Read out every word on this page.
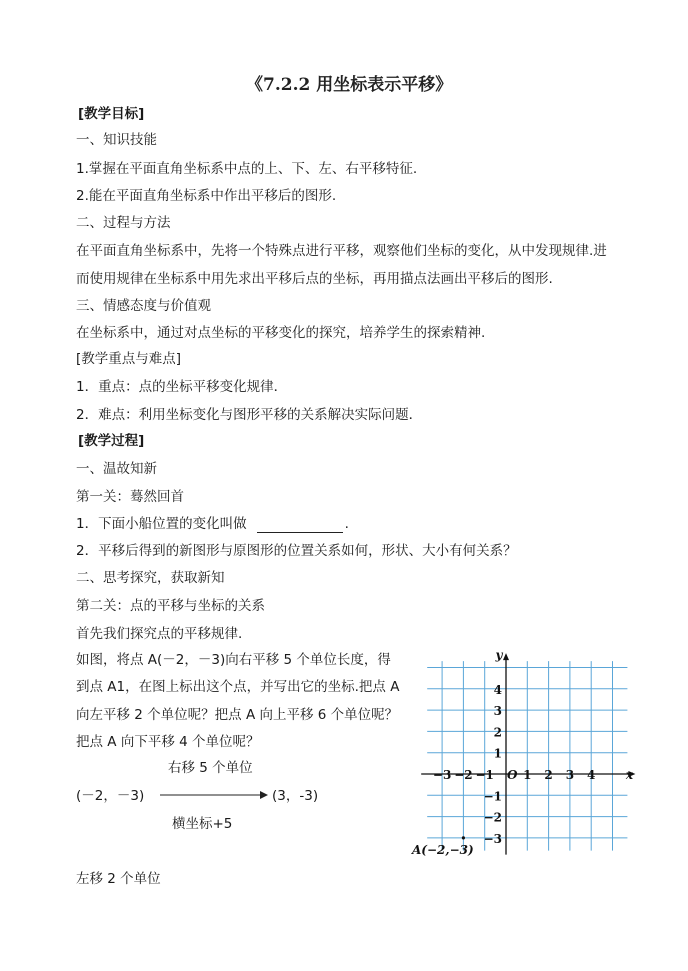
《7.2.2 用坐标表示平移》
[教学目标]
一、知识技能
1.掌握在平面直角坐标系中点的上、下、左、右平移特征.
2.能在平面直角坐标系中作出平移后的图形.
二、过程与方法
在平面直角坐标系中，先将一个特殊点进行平移，观察他们坐标的变化，从中发现规律.进
而使用规律在坐标系中用先求出平移后点的坐标，再用描点法画出平移后的图形.
三、情感态度与价值观
在坐标系中，通过对点坐标的平移变化的探究，培养学生的探索精神.
[教学重点与难点]
1．重点：点的坐标平移变化规律．
2．难点：利用坐标变化与图形平移的关系解决实际问题．
[教学过程]
一、温故知新
第一关：蓦然回首
1．下面小船位置的变化叫做	.
2．平移后得到的新图形与原图形的位置关系如何，形状、大小有何关系？
二、思考探究，获取新知
第二关：点的平移与坐标的关系
首先我们探究点的平移规律.
如图，将点 A(－2，－3)向右平移 5 个单位长度，得
到点 A1，在图上标出这个点，并写出它的坐标.把点 A
向左平移 2 个单位呢？把点 A 向上平移 6 个单位呢？
把点 A 向下平移 4 个单位呢？
右移 5 个单位
(－2，－3)	(3，-3)
横坐标+5
左移 2 个单位
−3 −2 −1 1 2 3 4
4
3
2
1
−1
−2
−3
O	x
y
A(−2,−3)
